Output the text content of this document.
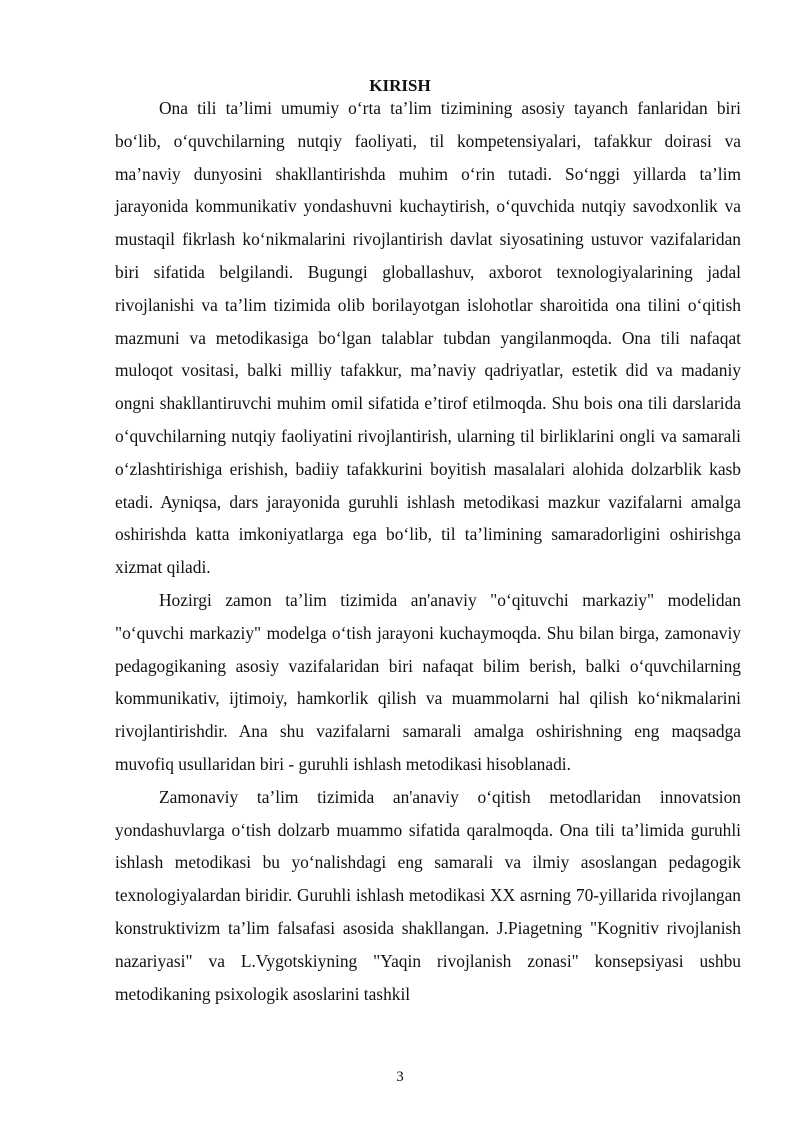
KIRISH

Ona tili ta’limi umumiy o‘rta ta’lim tizimining asosiy tayanch fanlaridan biri bo‘lib, o‘quvchilarning nutqiy faoliyati, til kompetensiyalari, tafakkur doirasi va ma’naviy dunyosini shakllantirishda muhim o‘rin tutadi. So‘nggi yillarda ta’lim jarayonida kommunikativ yondashuvni kuchaytirish, o‘quvchida nutqiy savodxonlik va mustaqil fikrlash ko‘nikmalarini rivojlantirish davlat siyosatining ustuvor vazifalaridan biri sifatida belgilandi. Bugungi globallashuv, axborot texnologiyalarining jadal rivojlanishi va ta’lim tizimida olib borilayotgan islohotlar sharoitida ona tilini o‘qitish mazmuni va metodikasiga bo‘lgan talablar tubdan yangilanmoqda. Ona tili nafaqat muloqot vositasi, balki milliy tafakkur, ma’naviy qadriyatlar, estetik did va madaniy ongni shakllantiruvchi muhim omil sifatida e’tirof etilmoqda. Shu bois ona tili darslarida o‘quvchilarning nutqiy faoliyatini rivojlantirish, ularning til birliklarini ongli va samarali o‘zlashtirishiga erishish, badiiy tafakkurini boyitish masalalari alohida dolzarblik kasb etadi. Ayniqsa, dars jarayonida guruhli ishlash metodikasi mazkur vazifalarni amalga oshirishda katta imkoniyatlarga ega bo‘lib, til ta’limining samaradorligini oshirishga xizmat qiladi.

Hozirgi zamon ta’lim tizimida an'anaviy "o‘qituvchi markaziy" modelidan "o‘quvchi markaziy" modelga o‘tish jarayoni kuchaymoqda. Shu bilan birga, zamonaviy pedagogikaning asosiy vazifalaridan biri nafaqat bilim berish, balki o‘quvchilarning kommunikativ, ijtimoiy, hamkorlik qilish va muammolarni hal qilish ko‘nikmalarini rivojlantirishdir. Ana shu vazifalarni samarali amalga oshirishning eng maqsadga muvofiq usullaridan biri - guruhli ishlash metodikasi hisoblanadi.

Zamonaviy ta’lim tizimida an'anaviy o‘qitish metodlaridan innovatsion yondashuvlarga o‘tish dolzarb muammo sifatida qaralmoqda. Ona tili ta’limida guruhli ishlash metodikasi bu yo‘nalishdagi eng samarali va ilmiy asoslangan pedagogik texnologiyalardan biridir. Guruhli ishlash metodikasi XX asrning 70-yillarida rivojlangan konstruktivizm ta’lim falsafasi asosida shakllangan. J.Piagetning "Kognitiv rivojlanish nazariyasi" va L.Vygotskiyning "Yaqin rivojlanish zonasi" konsepsiyasi ushbu metodikaning psixologik asoslarini tashkil

3
